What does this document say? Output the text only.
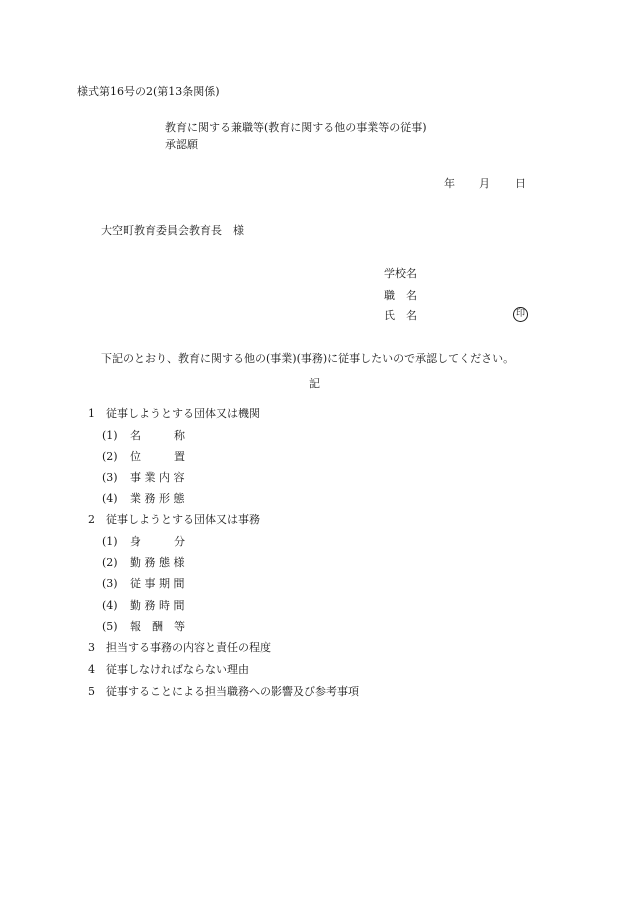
様式第16号の2(第13条関係)
教育に関する兼職等(教育に関する他の事業等の従事)
承認願
年 月 日
大空町教育委員会教育長　様
学校名
職　名
氏　名	印
下記のとおり、教育に関する他の(事業)(事務)に従事したいので承認してください。
記
1 従事しようとする団体又は機関
(1) 名　　　称
(2) 位　　　置
(3) 事 業 内 容
(4) 業 務 形 態
2 従事しようとする団体又は事務
(1) 身　　　分
(2) 勤 務 態 様
(3) 従 事 期 間
(4) 勤 務 時 間
(5) 報　酬　等
3 担当する事務の内容と責任の程度
4 従事しなければならない理由
5 従事することによる担当職務への影響及び参考事項
